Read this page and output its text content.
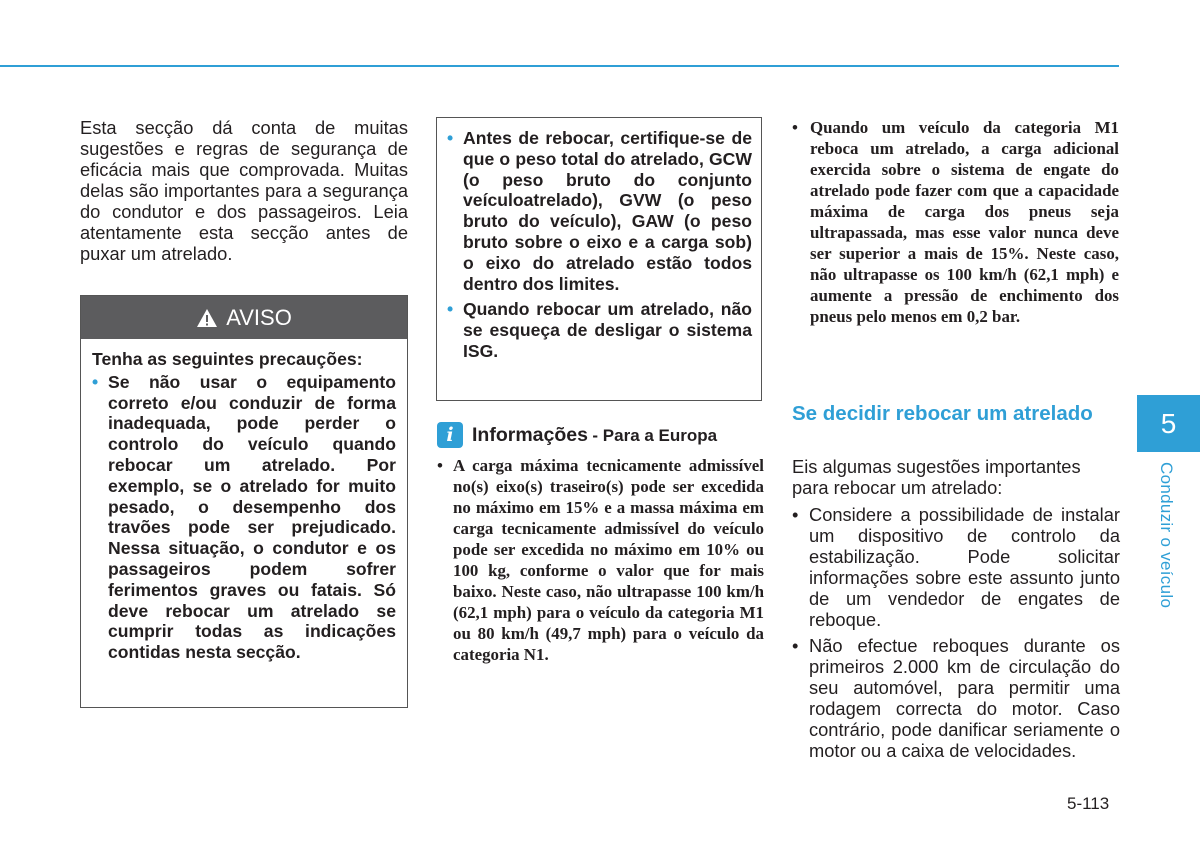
Esta secção dá conta de muitas sugestões e regras de segurança de eficácia mais que comprovada. Muitas delas são importantes para a segurança do condutor e dos passageiros. Leia atentamente esta secção antes de puxar um atrelado.

AVISO

Tenha as seguintes precauções:

• Se não usar o equipamento correto e/ou conduzir de forma inadequada, pode perder o controlo do veículo quando rebocar um atrelado. Por exemplo, se o atrelado for muito pesado, o desempenho dos travões pode ser prejudicado. Nessa situação, o condutor e os passageiros podem sofrer ferimentos graves ou fatais. Só deve rebocar um atrelado se cumprir todas as indicações contidas nesta secção.
• Antes de rebocar, certifique-se de que o peso total do atrelado, GCW (o peso bruto do conjunto veículoatrelado), GVW (o peso bruto do veículo), GAW (o peso bruto sobre o eixo e a carga sob) o eixo do atrelado estão todos dentro dos limites.
• Quando rebocar um atrelado, não se esqueça de desligar o sistema ISG.
i Informações - Para a Europa
• A carga máxima tecnicamente admissível no(s) eixo(s) traseiro(s) pode ser excedida no máximo em 15% e a massa máxima em carga tecnicamente admissível do veículo pode ser excedida no máximo em 10% ou 100 kg, conforme o valor que for mais baixo. Neste caso, não ultrapasse 100 km/h (62,1 mph) para o veículo da categoria M1 ou 80 km/h (49,7 mph) para o veículo da categoria N1.
• Quando um veículo da categoria M1 reboca um atrelado, a carga adicional exercida sobre o sistema de engate do atrelado pode fazer com que a capacidade máxima de carga dos pneus seja ultrapassada, mas esse valor nunca deve ser superior a mais de 15%. Neste caso, não ultrapasse os 100 km/h (62,1 mph) e aumente a pressão de enchimento dos pneus pelo menos em 0,2 bar.
Se decidir rebocar um atrelado

Eis algumas sugestões importantes para rebocar um atrelado:

• Considere a possibilidade de instalar um dispositivo de controlo da estabilização. Pode solicitar informações sobre este assunto junto de um vendedor de engates de reboque.
• Não efectue reboques durante os primeiros 2.000 km de circulação do seu automóvel, para permitir uma rodagem correcta do motor. Caso contrário, pode danificar seriamente o motor ou a caixa de velocidades.
5
Conduzir o veículo
5-113
